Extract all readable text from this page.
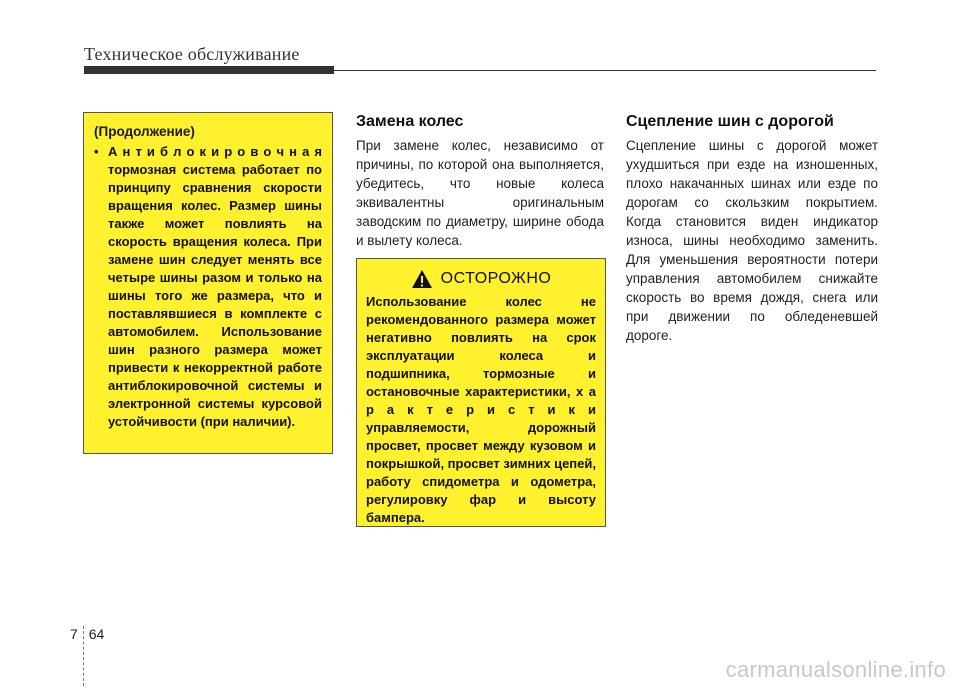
Техническое обслуживание
(Продолжение)
• А н т и б л о к и р о в о ч н а я тормозная система работает по принципу сравнения скорости вращения колес. Размер шины также может повлиять на скорость вращения колеса. При замене шин следует менять все четыре шины разом и только на шины того же размера, что и поставлявшиеся в комплекте с автомобилем. Использование шин разного размера может привести к некорректной работе антиблокировочной системы и электронной системы курсовой устойчивости (при наличии).
Замена колес
При замене колес, независимо от причины, по которой она выполняется, убедитесь, что новые колеса эквивалентны оригинальным заводским по диаметру, ширине обода и вылету колеса.
ОСТОРОЖНО
Использование колес не рекомендованного размера может негативно повлиять на срок эксплуатации колеса и подшипника, тормозные и остановочные характеристики, х а р а к т е р и с т и к и управляемости, дорожный просвет, просвет между кузовом и покрышкой, просвет зимних цепей, работу спидометра и одометра, регулировку фар и высоту бампера.
Сцепление шин с дорогой
Сцепление шины с дорогой может ухудшиться при езде на изношенных, плохо накачанных шинах или езде по дорогам со скользким покрытием. Когда становится виден индикатор износа, шины необходимо заменить. Для уменьшения вероятности потери управления автомобилем снижайте скорость во время дождя, снега или при движении по обледеневшей дороге.
7 64
carmanualsonline.info
